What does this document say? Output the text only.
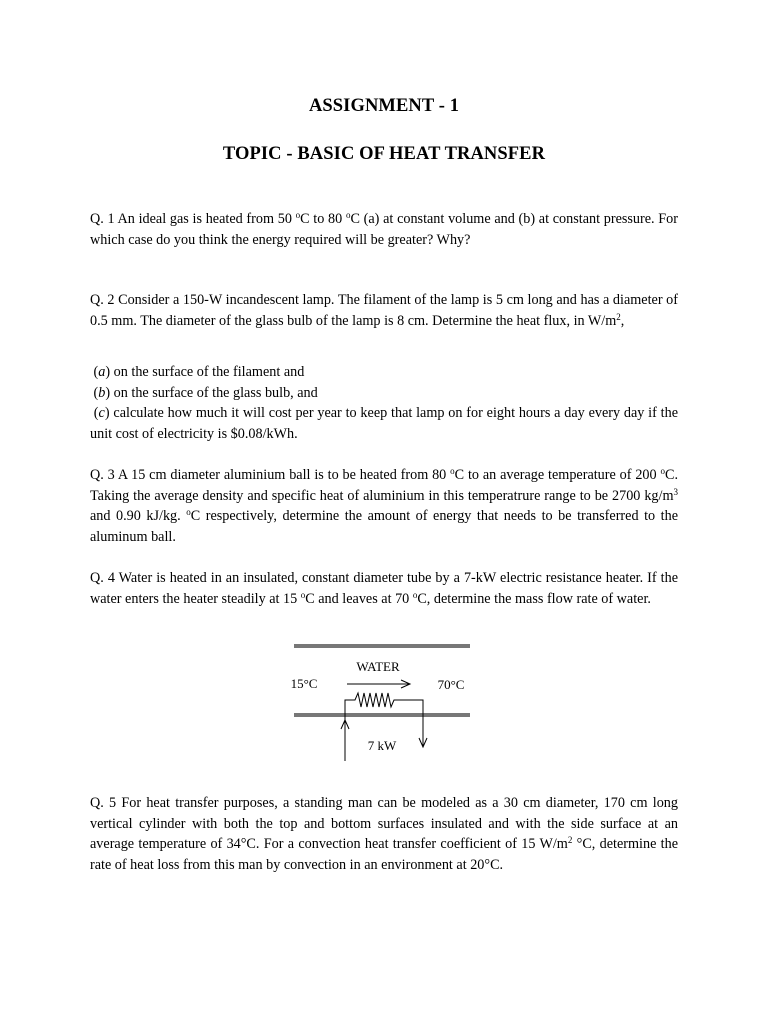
ASSIGNMENT - 1
TOPIC - BASIC OF HEAT TRANSFER
Q. 1 An ideal gas is heated from 50 $^o$C to 80 $^o$C (a) at constant volume and (b) at constant pressure. For which case do you think the energy required will be greater? Why?
Q. 2 Consider a 150-W incandescent lamp. The filament of the lamp is 5 cm long and has a diameter of 0.5 mm. The diameter of the glass bulb of the lamp is 8 cm. Determine the heat flux, in $W/m^2$,
(a) on the surface of the filament and
(b) on the surface of the glass bulb, and
(c) calculate how much it will cost per year to keep that lamp on for eight hours a day every day if the unit cost of electricity is $0.08/kWh.
Q. 3 A 15 cm diameter aluminium ball is to be heated from 80 $^o$C to an average temperature of 200 $^o$C. Taking the average density and specific heat of aluminium in this temperatrure range to be 2700 $kg/m^3$ and 0.90 kJ/kg. $^o$C respectively, determine the amount of energy that needs to be transferred to the aluminum ball.
Q. 4 Water is heated in an insulated, constant diameter tube by a 7-kW electric resistance heater. If the water enters the heater steadily at 15 $^o$C and leaves at 70 $^o$C, determine the mass flow rate of water.
WATER
15°C	70°C
7 kW
Q. 5 For heat transfer purposes, a standing man can be modeled as a 30 cm diameter, 170 cm long vertical cylinder with both the top and bottom surfaces insulated and with the side surface at an average temperature of 34°C. For a convection heat transfer coefficient of 15 $W/m^2$ °C, determine the rate of heat loss from this man by convection in an environment at 20°C.
